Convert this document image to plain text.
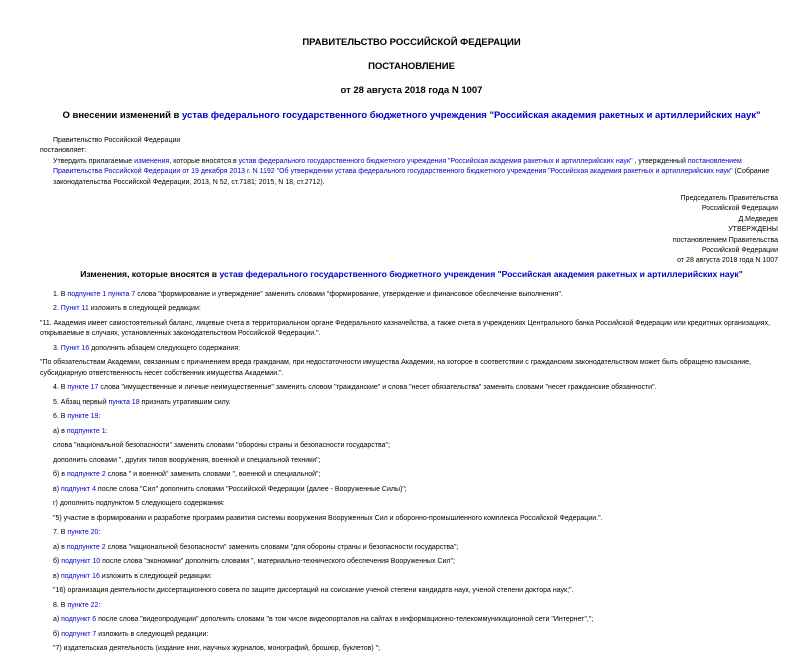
ПРАВИТЕЛЬСТВО РОССИЙСКОЙ ФЕДЕРАЦИИ
ПОСТАНОВЛЕНИЕ
от 28 августа 2018 года N 1007
О внесении изменений в устав федерального государственного бюджетного учреждения "Российская академия ракетных и артиллерийских наук"
Правительство Российской Федерации
постановляет:
Утвердить прилагаемые изменения, которые вносятся в устав федерального государственного бюджетного учреждения "Российская академия ракетных и артиллерийских наук" , утвержденный постановлением Правительства Российской Федерации от 19 декабря 2013 г. N 1192 "Об утверждении устава федерального государственного бюджетного учреждения "Российская академия ракетных и артиллерийских наук" (Собрание законодательства Российской Федерации, 2013, N 52, ст.7181; 2015, N 18, ст.2712).
Председатель Правительства
Российской Федерации
Д.Медведев
УТВЕРЖДЕНЫ
постановлением Правительства
Российской Федерации
от 28 августа 2018 года N 1007
Изменения, которые вносятся в устав федерального государственного бюджетного учреждения "Российская академия ракетных и артиллерийских наук"

1. В подпункте 1 пункта 7 слова "формирование и утверждение" заменить словами "формирование, утверждение и финансовое обеспечение выполнения".

2. Пункт 11 изложить в следующей редакции:

"11. Академия имеет самостоятельный баланс, лицевые счета в территориальном органе Федерального казначейства, а также счета в учреждениях Центрального банка Российской Федерации или кредитных организациях, открываемые в случаях, установленных законодательством Российской Федерации.".

3. Пункт 16 дополнить абзацем следующего содержания:

"По обязательствам Академии, связанным с причинением вреда гражданам, при недостаточности имущества Академии, на которое в соответствии с гражданским законодательством может быть обращено взыскание, субсидиарную ответственность несет собственник имущества Академии.".

4. В пункте 17 слова "имущественные и личные неимущественные" заменить словом "гражданские" и слова "несет обязательства" заменить словами "несет гражданские обязанности".

5. Абзац первый пункта 18 признать утратившим силу.

6. В пункте 19:

а) в подпункте 1:

слова "национальной безопасности" заменить словами "обороны страны и безопасности государства";

дополнить словами ", других типов вооружения, военной и специальной техники";

б) в подпункте 2 слова " и военной" заменить словами ", военной и специальной";

в) подпункт 4 после слова "Сил" дополнить словами "Российской Федерации (далее - Вооруженные Силы)";

г) дополнить подпунктом 5 следующего содержания:

"5) участие в формировании и разработке программ развития системы вооружения Вооруженных Сил и оборонно-промышленного комплекса Российской Федерации.".

7. В пункте 20:

а) в подпункте 2 слова "национальной безопасности" заменить словами "для обороны страны и безопасности государства";

б) подпункт 10 после слова "экономики" дополнить словами ", материально-технического обеспечения Вооруженных Сил";

в) подпункт 16 изложить в следующей редакции:

"16) организация деятельности диссертационного совета по защите диссертаций на соискание ученой степени кандидата наук, ученой степени доктора наук;".

8. В пункте 22:

а) подпункт 6 после слова "видеопродукции" дополнить словами "в том числе видеопорталов на сайтах в информационно-телекоммуникационной сети "Интернет",";

б) подпункт 7 изложить в следующей редакции:

"7) издательская деятельность (издание книг, научных журналов, монографий, брошюр, буклетов) ";
